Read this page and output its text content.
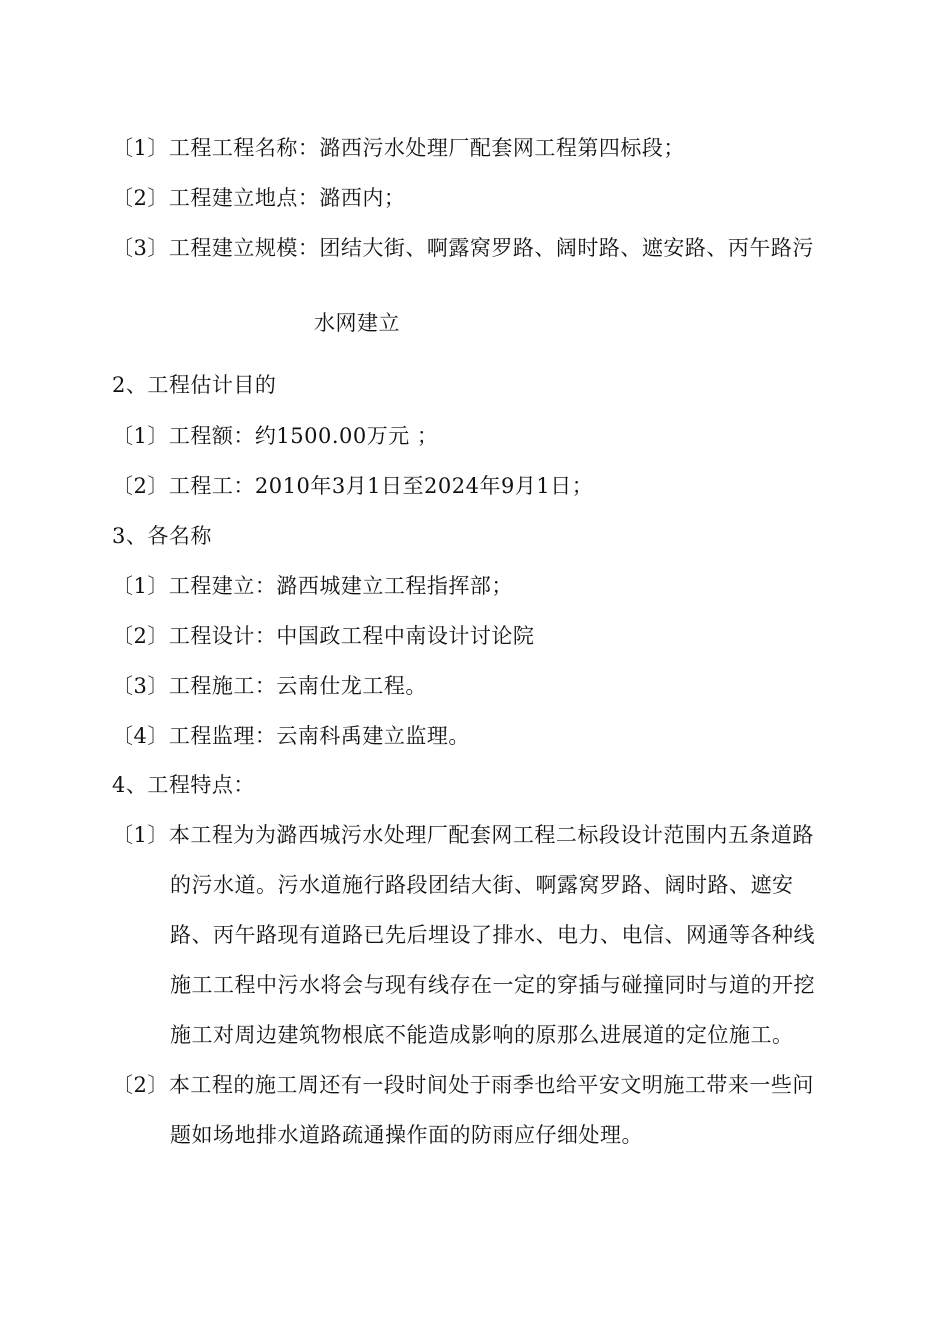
〔1〕工程工程名称：潞西污水处理厂配套网工程第四标段；
〔2〕工程建立地点：潞西内；
〔3〕工程建立规模：团结大街、啊露窝罗路、阔时路、遮安路、丙午路污
水网建立
2、工程估计目的
〔1〕工程额：约1500.00万元 ；
〔2〕工程工：2010年3月1日至2024年9月1日；
3、各名称
〔1〕工程建立：潞西城建立工程指挥部；
〔2〕工程设计：中国政工程中南设计讨论院
〔3〕工程施工：云南仕龙工程。
〔4〕工程监理：云南科禹建立监理。
4、工程特点：
〔1〕本工程为为潞西城污水处理厂配套网工程二标段设计范围内五条道路
的污水道。污水道施行路段团结大街、啊露窝罗路、阔时路、遮安
路、丙午路现有道路已先后埋设了排水、电力、电信、网通等各种线
施工工程中污水将会与现有线存在一定的穿插与碰撞同时与道的开挖
施工对周边建筑物根底不能造成影响的原那么进展道的定位施工。
〔2〕本工程的施工周还有一段时间处于雨季也给平安文明施工带来一些问
题如场地排水道路疏通操作面的防雨应仔细处理。
